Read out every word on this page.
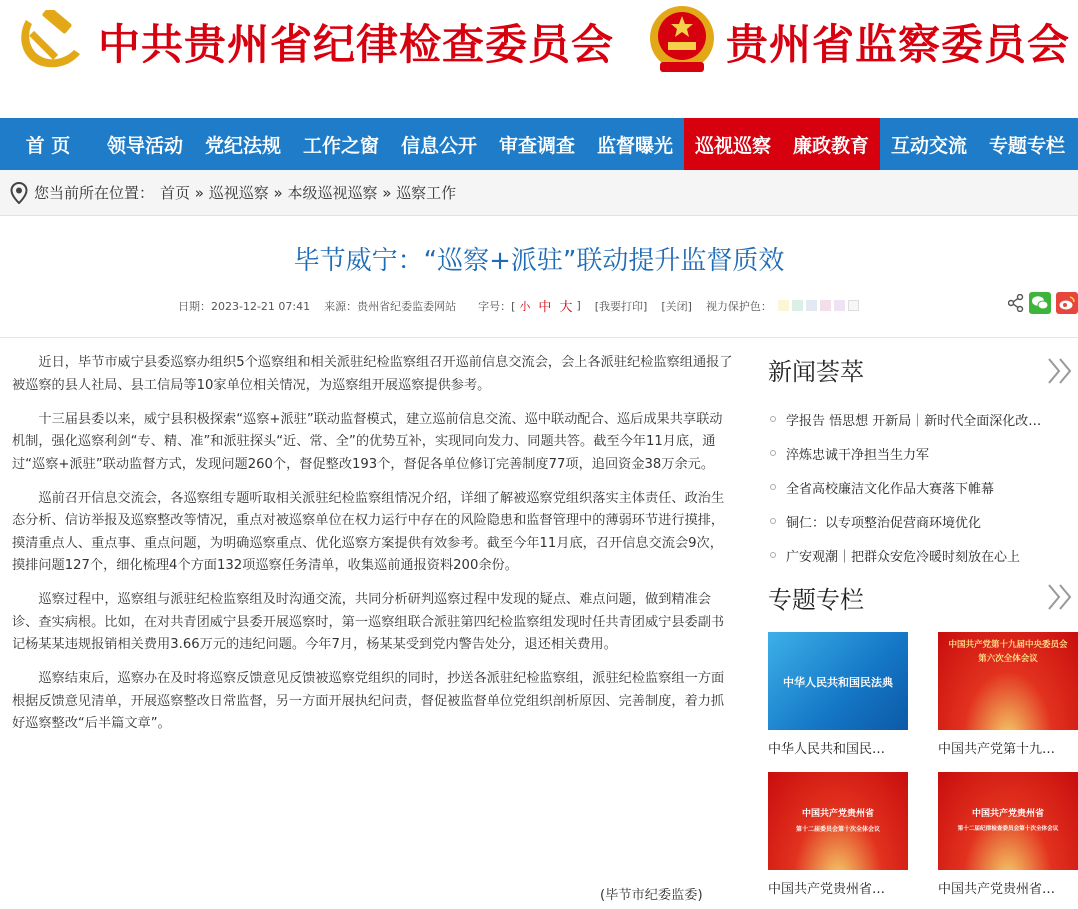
中共贵州省纪律检查委员会	贵州省监察委员会
首 页	领导活动	党纪法规	工作之窗	信息公开	审查调查	监督曝光	巡视巡察	廉政教育	互动交流	专题专栏
您当前所在位置： 首页 » 巡视巡察 » 本级巡视巡察 » 巡察工作
毕节威宁：“巡察+派驻”联动提升监督质效
日期：2023-12-21 07:41 来源：贵州省纪委监委网站 字号：[ 小 中 大 ] [我要打印] [关闭] 视力保护色：

近日，毕节市威宁县委巡察办组织5个巡察组和相关派驻纪检监察组召开巡前信息交流会，会上各派驻纪检监察组通报了被巡察的县人社局、县工信局等10家单位相关情况，为巡察组开展巡察提供参考。

十三届县委以来，威宁县积极探索“巡察+派驻”联动监督模式，建立巡前信息交流、巡中联动配合、巡后成果共享联动机制，强化巡察利剑“专、精、准”和派驻探头“近、常、全”的优势互补，实现同向发力、同题共答。截至今年11月底，通过“巡察+派驻”联动监督方式，发现问题260个，督促整改193个，督促各单位修订完善制度77项，追回资金38万余元。

巡前召开信息交流会，各巡察组专题听取相关派驻纪检监察组情况介绍，详细了解被巡察党组织落实主体责任、政治生态分析、信访举报及巡察整改等情况，重点对被巡察单位在权力运行中存在的风险隐患和监督管理中的薄弱环节进行摸排，摸清重点人、重点事、重点问题，为明确巡察重点、优化巡察方案提供有效参考。截至今年11月底，召开信息交流会9次，摸排问题127个，细化梳理4个方面132项巡察任务清单，收集巡前通报资料200余份。

巡察过程中，巡察组与派驻纪检监察组及时沟通交流，共同分析研判巡察过程中发现的疑点、难点问题，做到精准会诊、查实病根。比如，在对共青团威宁县委开展巡察时，第一巡察组联合派驻第四纪检监察组发现时任共青团威宁县委副书记杨某某违规报销相关费用3.66万元的违纪问题。今年7月，杨某某受到党内警告处分，退还相关费用。

巡察结束后，巡察办在及时将巡察反馈意见反馈被巡察党组织的同时，抄送各派驻纪检监察组，派驻纪检监察组一方面根据反馈意见清单，开展巡察整改日常监督，另一方面开展执纪问责，督促被监督单位党组织剖析原因、完善制度，着力抓好巡察整改“后半篇文章”。

(毕节市纪委监委)
新闻荟萃
学报告 悟思想 开新局｜新时代全面深化改…
淬炼忠诚干净担当生力军
全省高校廉洁文化作品大赛落下帷幕
铜仁：以专项整治促营商环境优化
广安观潮｜把群众安危冷暖时刻放在心上
专题专栏
中华人民共和国民法典
中华人民共和国民…
中国共产党第十九届中央委员会
第六次全体会议
中国共产党第十九…
中国共产党贵州省
第十二届委员会第十次全体会议
中国共产党贵州省…
中国共产党贵州省
第十二届纪律检查委员会第十次全体会议
中国共产党贵州省…
